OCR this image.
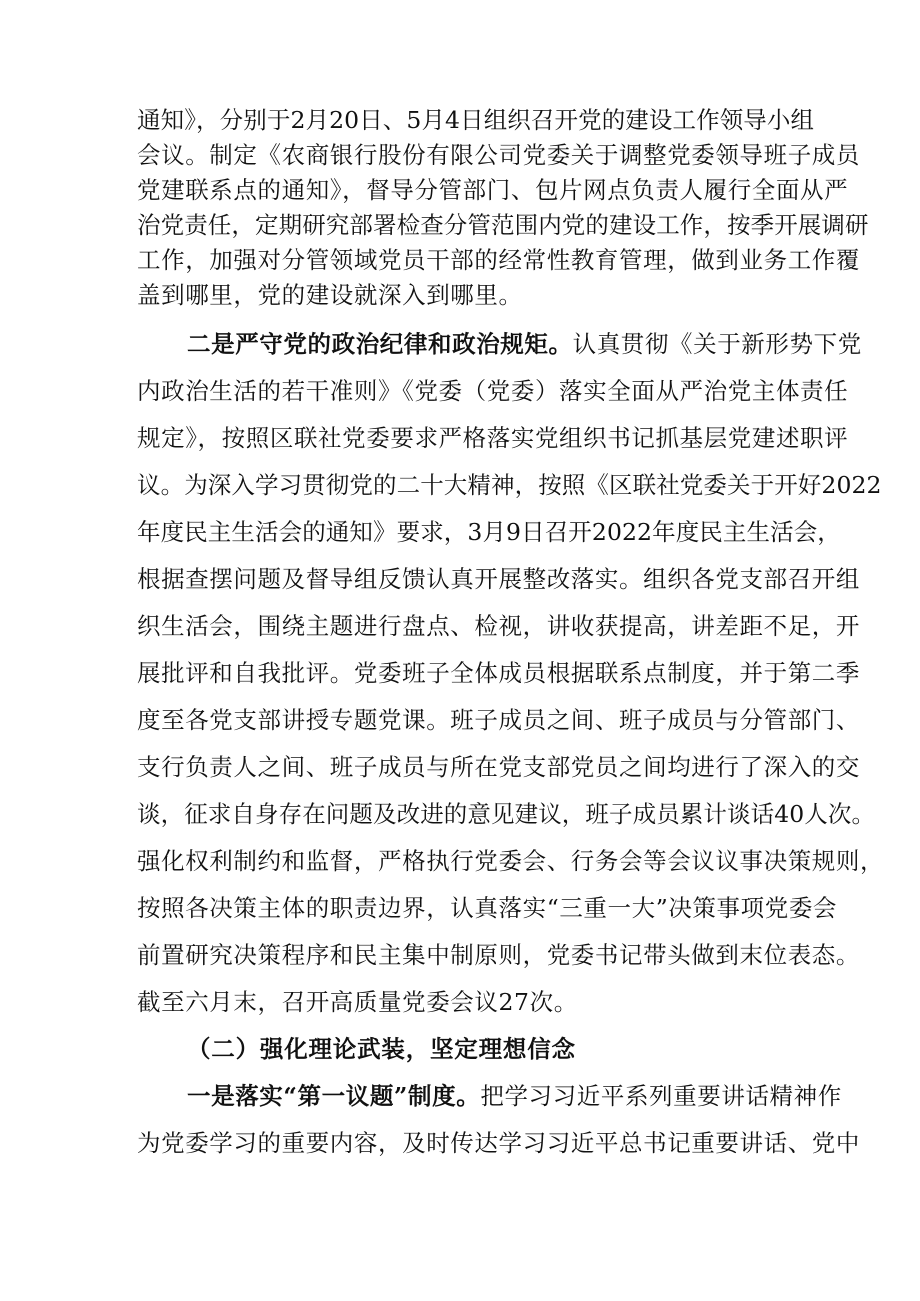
通知》，分别于2月20日、5月4日组织召开党的建设工作领导小组
会议。制定《农商银行股份有限公司党委关于调整党委领导班子成员
党建联系点的通知》，督导分管部门、包片网点负责人履行全面从严
治党责任，定期研究部署检查分管范围内党的建设工作，按季开展调研
工作，加强对分管领域党员干部的经常性教育管理，做到业务工作覆
盖到哪里，党的建设就深入到哪里。
二是严守党的政治纪律和政治规矩。认真贯彻《关于新形势下党
内政治生活的若干准则》《党委（党委）落实全面从严治党主体责任
规定》，按照区联社党委要求严格落实党组织书记抓基层党建述职评
议。为深入学习贯彻党的二十大精神，按照《区联社党委关于开好2022
年度民主生活会的通知》要求，3月9日召开2022年度民主生活会，
根据查摆问题及督导组反馈认真开展整改落实。组织各党支部召开组
织生活会，围绕主题进行盘点、检视，讲收获提高，讲差距不足，开
展批评和自我批评。党委班子全体成员根据联系点制度，并于第二季
度至各党支部讲授专题党课。班子成员之间、班子成员与分管部门、
支行负责人之间、班子成员与所在党支部党员之间均进行了深入的交
谈，征求自身存在问题及改进的意见建议，班子成员累计谈话40人次。
强化权利制约和监督，严格执行党委会、行务会等会议议事决策规则，
按照各决策主体的职责边界，认真落实“三重一大”决策事项党委会
前置研究决策程序和民主集中制原则，党委书记带头做到末位表态。
截至六月末，召开高质量党委会议27次。
（二）强化理论武装，坚定理想信念
一是落实“第一议题”制度。把学习习近平系列重要讲话精神作
为党委学习的重要内容，及时传达学习习近平总书记重要讲话、党中
